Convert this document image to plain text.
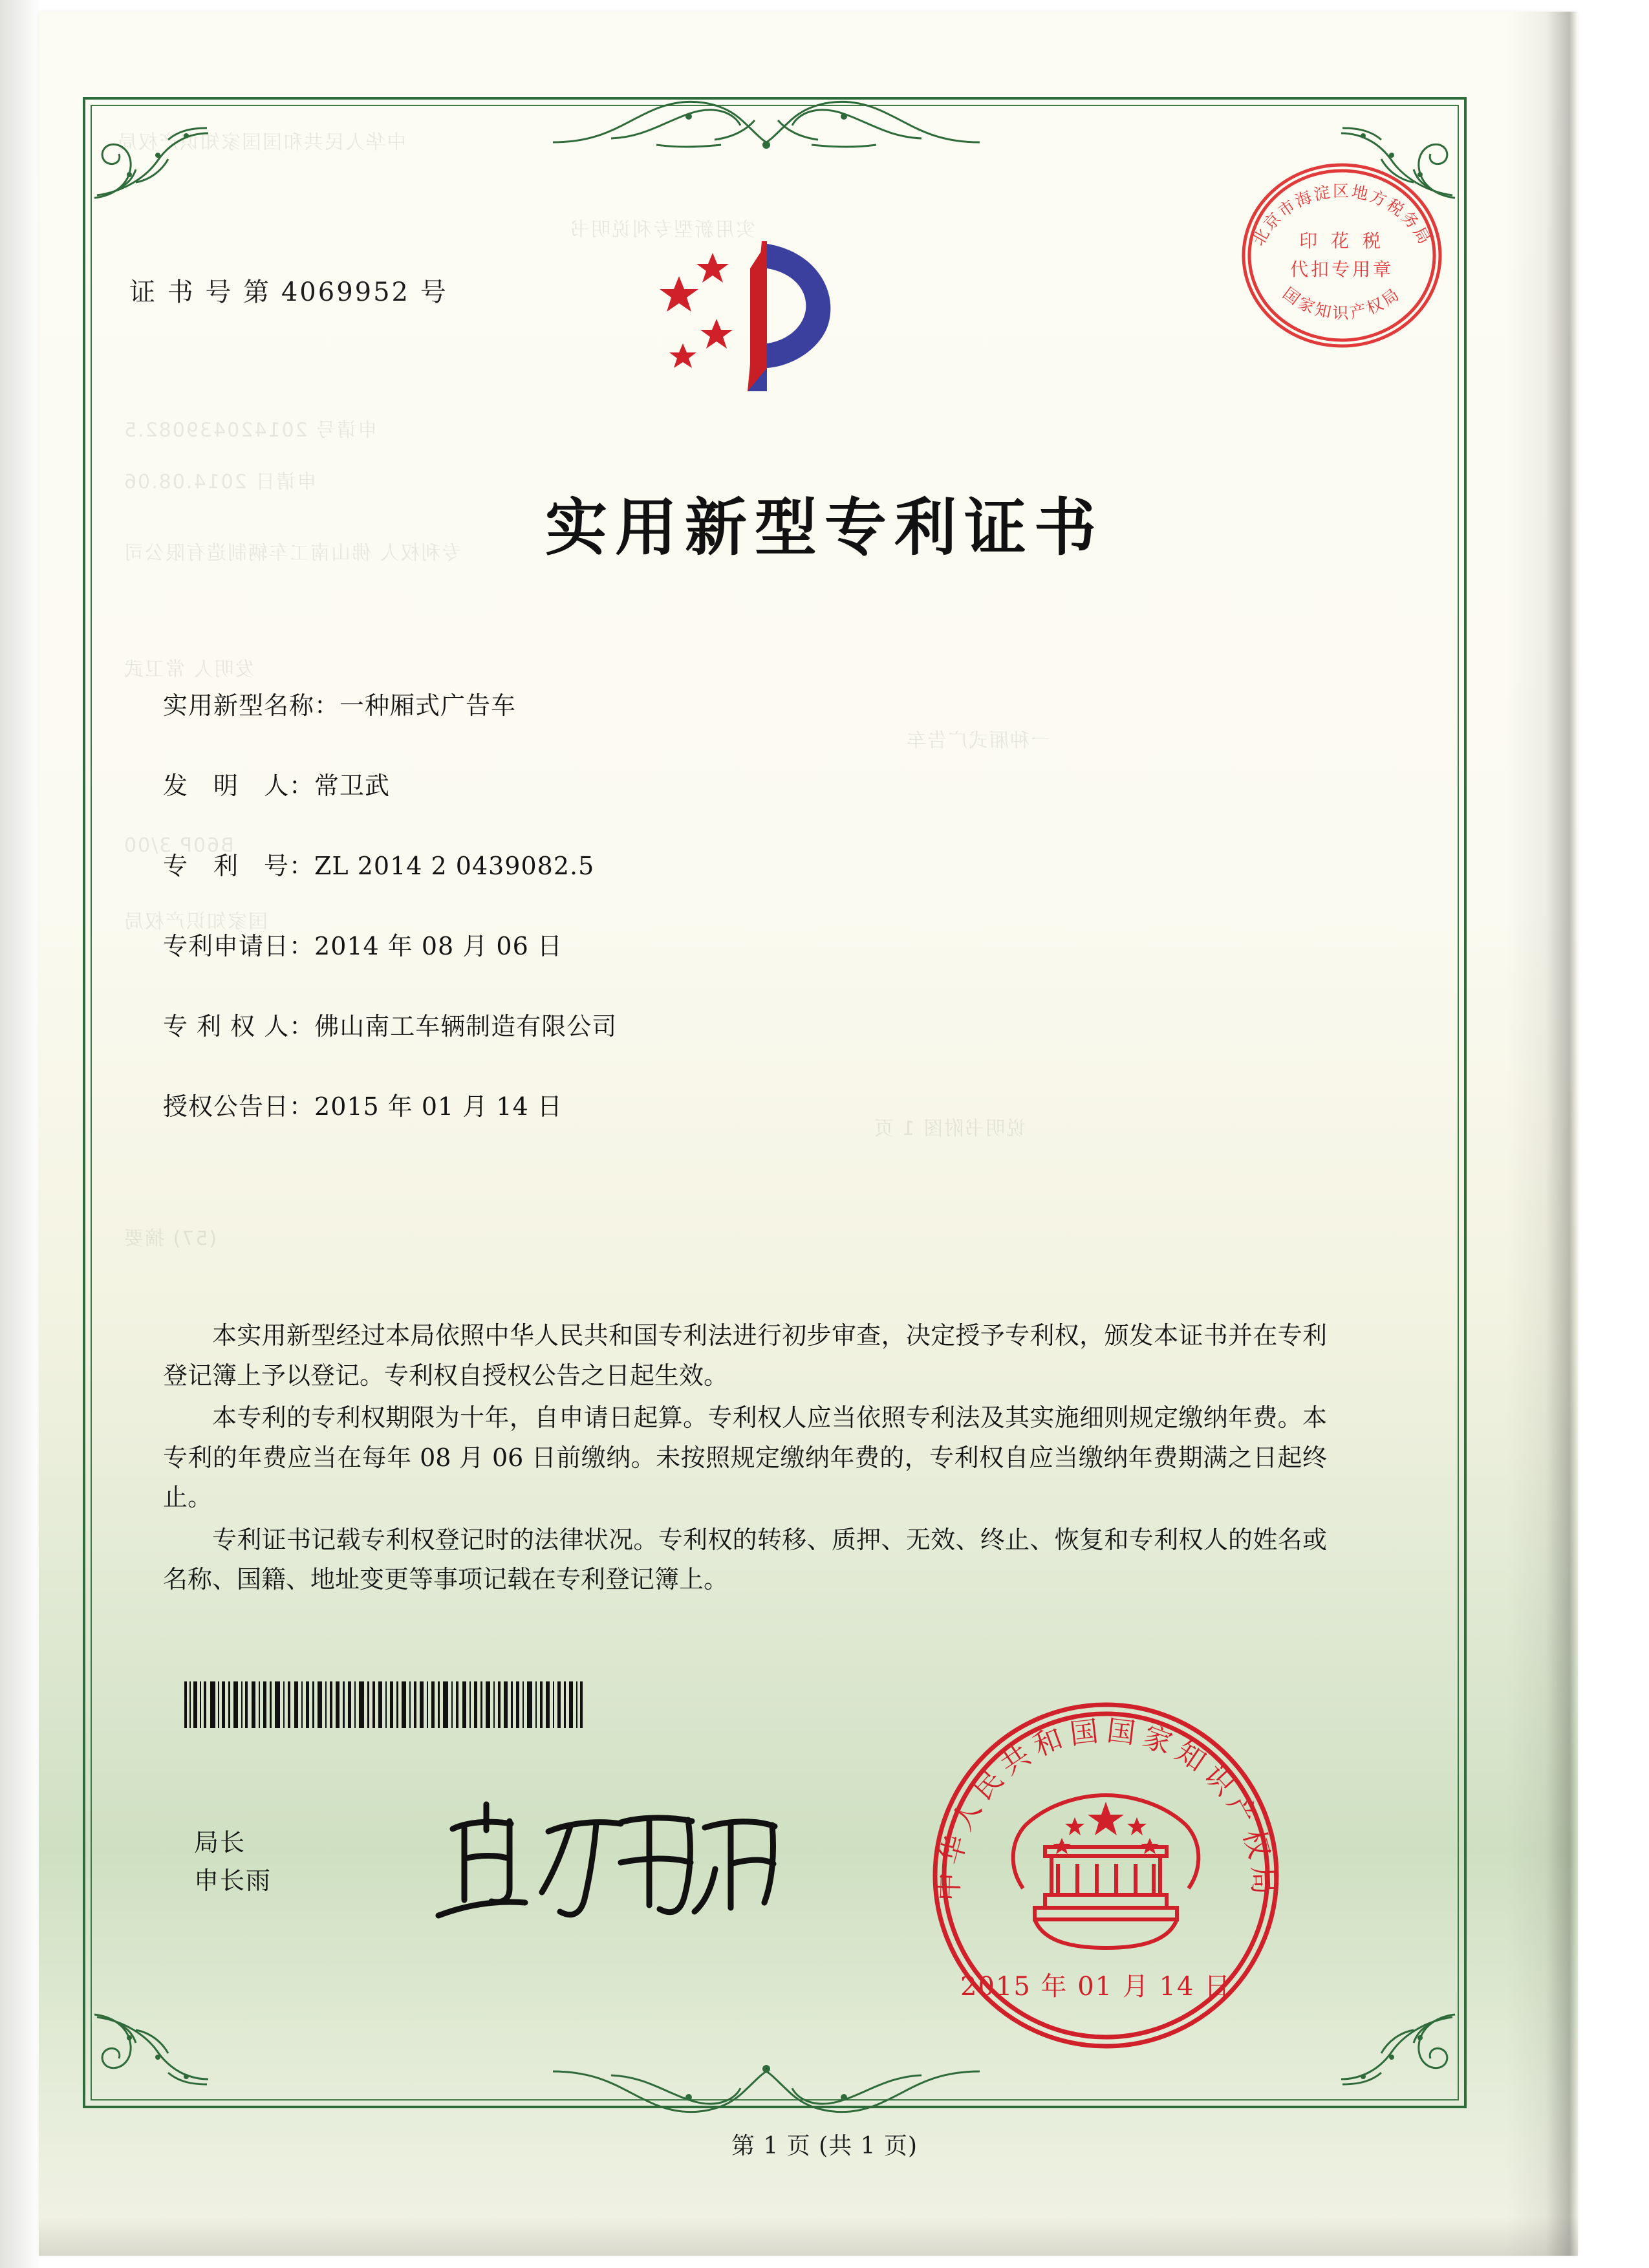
证 书 号 第 4069952 号
北京市海淀区地方税务局
国家知识产权局
印 花 税
代扣专用章
实用新型专利证书
实用新型名称：一种厢式广告车
发　明　人：常卫武
专　利　号：ZL 2014 2 0439082.5
专利申请日：2014 年 08 月 06 日
专 利 权 人：佛山南工车辆制造有限公司
授权公告日：2015 年 01 月 14 日

本实用新型经过本局依照中华人民共和国专利法进行初步审查，决定授予专利权，颁发本证书并在专利登记簿上予以登记。专利权自授权公告之日起生效。

本专利的专利权期限为十年，自申请日起算。专利权人应当依照专利法及其实施细则规定缴纳年费。本专利的年费应当在每年 08 月 06 日前缴纳。未按照规定缴纳年费的，专利权自应当缴纳年费期满之日起终止。

专利证书记载专利权登记时的法律状况。专利权的转移、质押、无效、终止、恢复和专利权人的姓名或名称、国籍、地址变更等事项记载在专利登记簿上。

局长
申长雨	中华人民共和国国家知识产权局
2015 年 01 月 14 日
第 1 页 (共 1 页)
